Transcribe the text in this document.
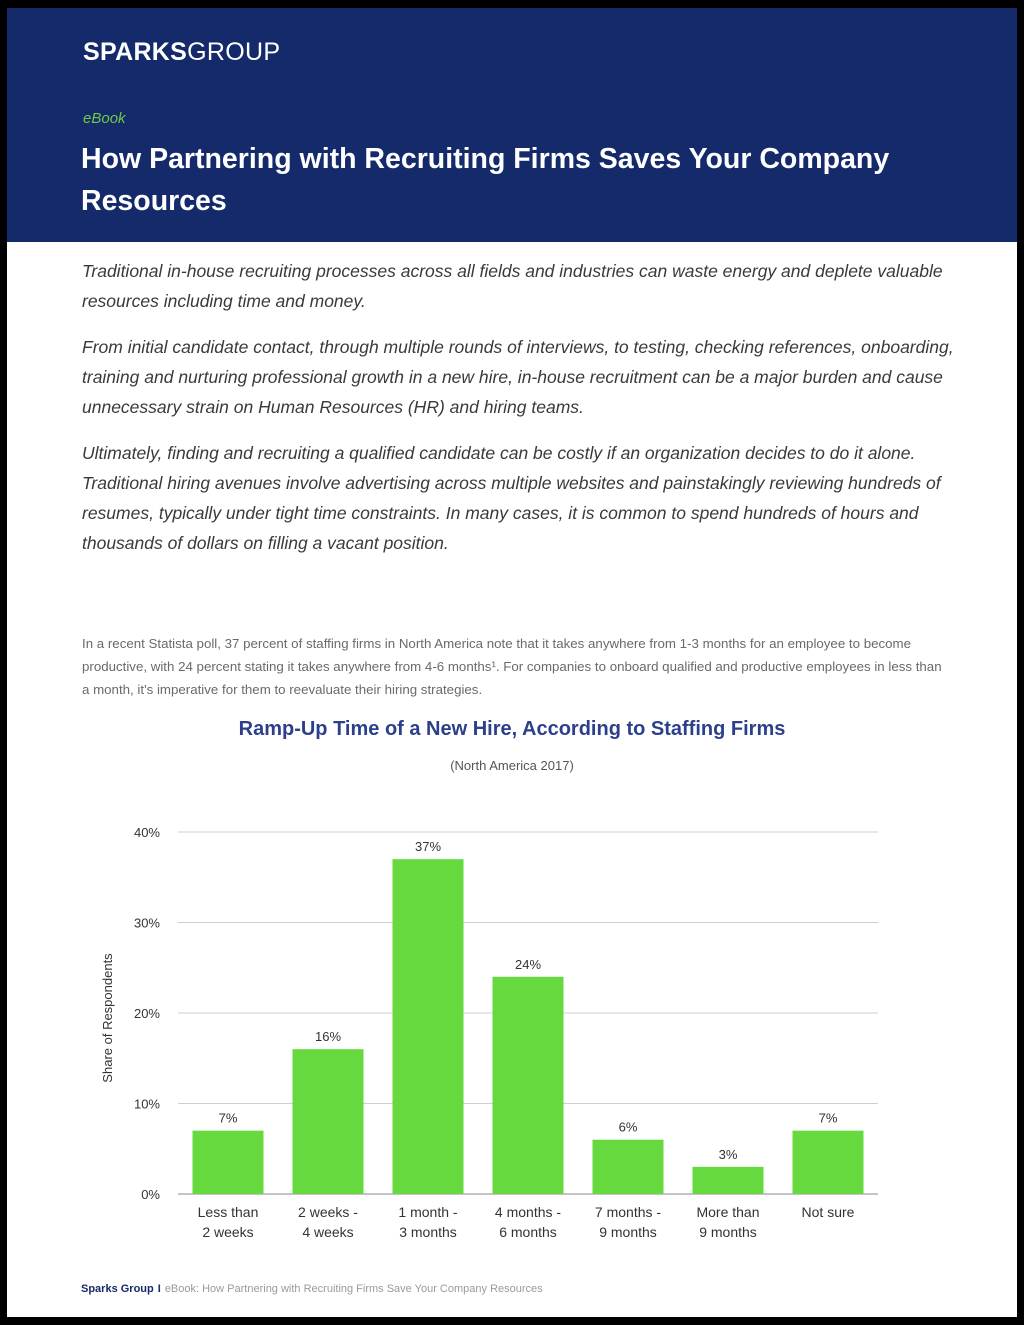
SPARKSGROUP
eBook
How Partnering with Recruiting Firms Saves Your Company Resources

Traditional in-house recruiting processes across all fields and industries can waste energy and deplete valuable resources including time and money.

From initial candidate contact, through multiple rounds of interviews, to testing, checking references, onboarding, training and nurturing professional growth in a new hire, in-house recruitment can be a major burden and cause unnecessary strain on Human Resources (HR) and hiring teams.

Ultimately, finding and recruiting a qualified candidate can be costly if an organization decides to do it alone. Traditional hiring avenues involve advertising across multiple websites and painstakingly reviewing hundreds of resumes, typically under tight time constraints. In many cases, it is common to spend hundreds of hours and thousands of dollars on filling a vacant position.

In a recent Statista poll, 37 percent of staffing firms in North America note that it takes anywhere from 1-3 months for an employee to become productive, with 24 percent stating it takes anywhere from 4-6 months¹. For companies to onboard qualified and productive employees in less than a month, it's imperative for them to reevaluate their hiring strategies.

Ramp-Up Time of a New Hire, According to Staffing Firms
(North America 2017)
0%
10%
20%
30%
40%
Share of Respondents
7%
Less than
2 weeks
16%
2 weeks -
4 weeks
37%
1 month -
3 months
24%
4 months -
6 months
6%
7 months -
9 months
3%
More than
9 months
7%
Not sure
Sparks Group I eBook: How Partnering with Recruiting Firms Save Your Company Resources
